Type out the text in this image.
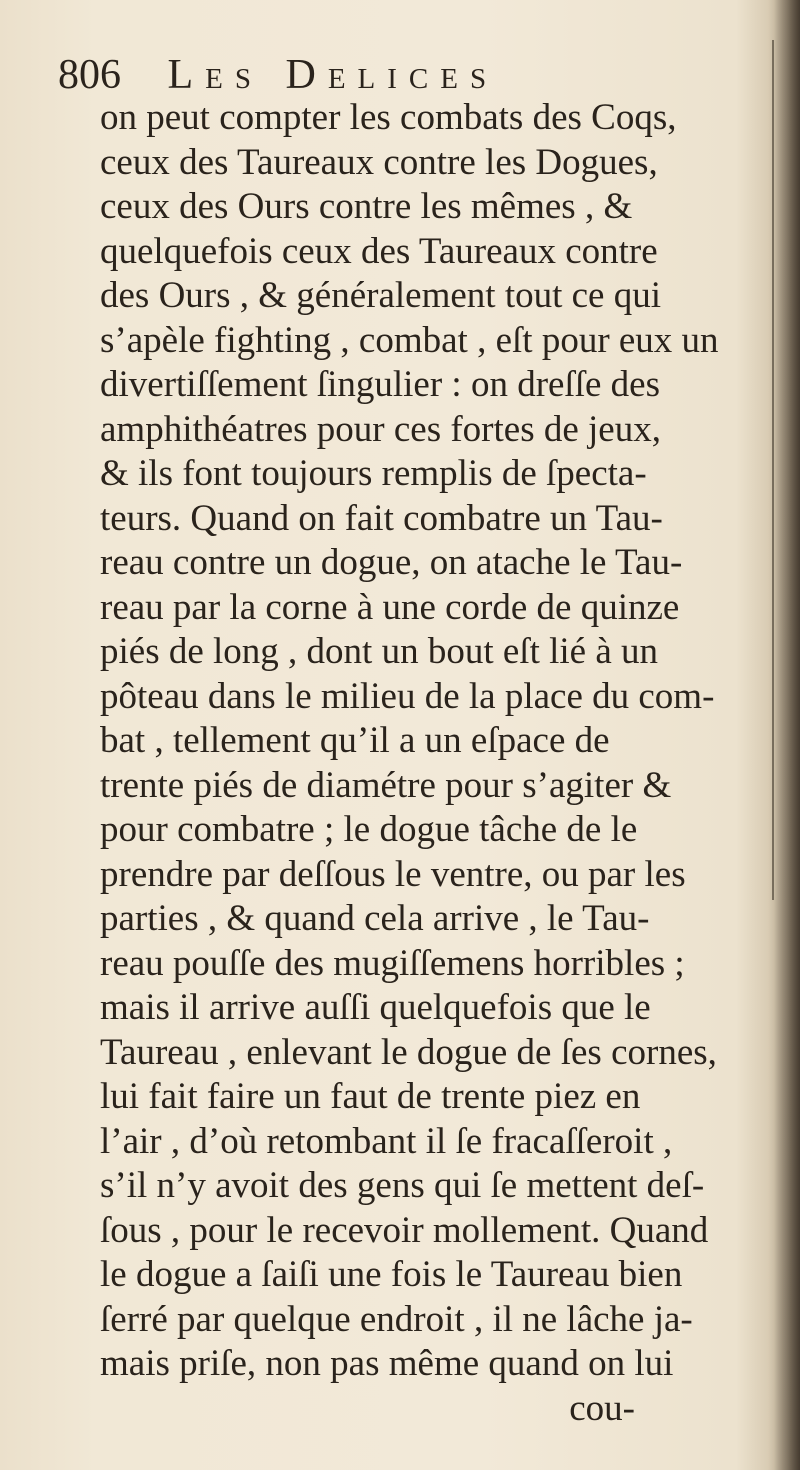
806 Les Delices
on peut compter les combats des Coqs,
ceux des Taureaux contre les Dogues,
ceux des Ours contre les mêmes , &
quelquefois ceux des Taureaux contre
des Ours , & généralement tout ce qui
s’apèle fighting , combat , eſt pour eux un
divertiſſement ſingulier : on dreſſe des
amphithéatres pour ces fortes de jeux,
& ils font toujours remplis de ſpecta-
teurs. Quand on fait combatre un Tau-
reau contre un dogue, on atache le Tau-
reau par la corne à une corde de quinze
piés de long , dont un bout eſt lié à un
pôteau dans le milieu de la place du com-
bat , tellement qu’il a un eſpace de
trente piés de diamétre pour s’agiter &
pour combatre ; le dogue tâche de le
prendre par deſſous le ventre, ou par les
parties , & quand cela arrive , le Tau-
reau pouſſe des mugiſſemens horribles ;
mais il arrive auſſi quelquefois que le
Taureau , enlevant le dogue de ſes cornes,
lui fait faire un faut de trente piez en
l’air , d’où retombant il ſe fracaſſeroit ,
s’il n’y avoit des gens qui ſe mettent deſ-
ſous , pour le recevoir mollement. Quand
le dogue a ſaiſi une fois le Taureau bien
ſerré par quelque endroit , il ne lâche ja-
mais priſe, non pas même quand on lui
cou-
